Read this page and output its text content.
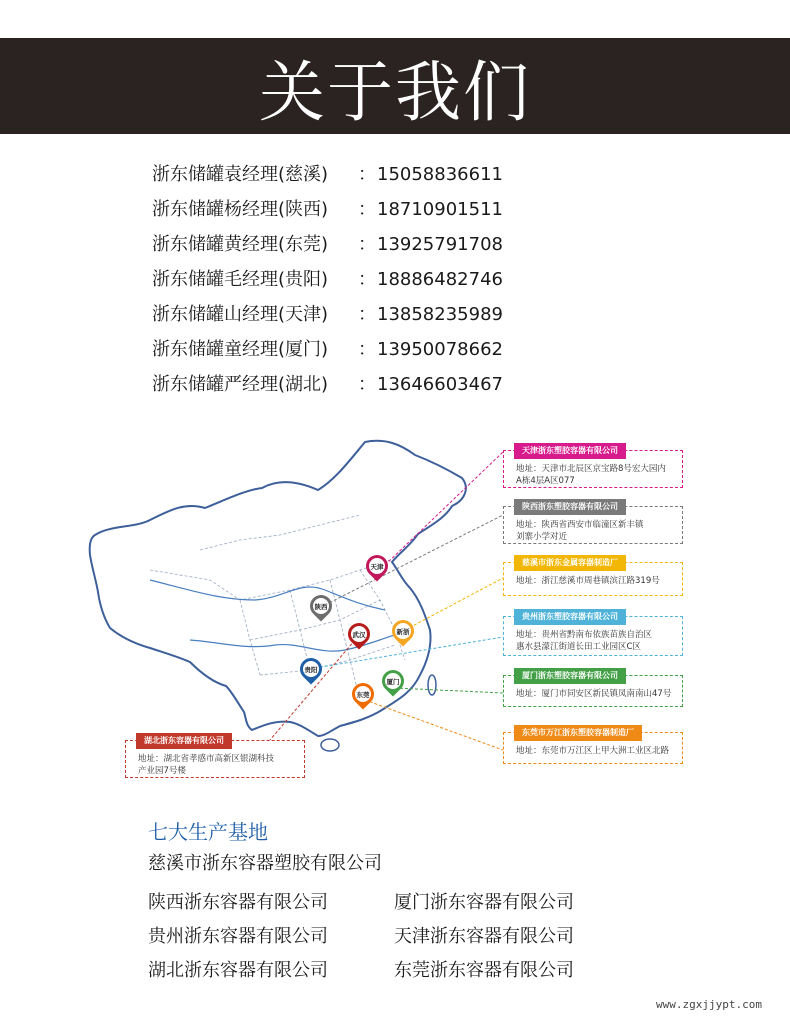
关于我们
浙东储罐袁经理(慈溪)	： 15058836611
浙东储罐杨经理(陕西)	： 18710901511
浙东储罐黄经理(东莞)	： 13925791708
浙东储罐毛经理(贵阳)	： 18886482746
浙东储罐山经理(天津)	： 13858235989
浙东储罐童经理(厦门)	： 13950078662
浙东储罐严经理(湖北)	： 13646603467
天津
陕西
武汉	新浙
贵阳
厦门
东莞
天津浙东塑胶容器有限公司
地址：天津市北辰区京宝路8号宏大园内
A栋4层A区077
陕西浙东塑胶容器有限公司
地址：陕西省西安市临潼区新丰镇
刘寨小学对近
慈溪市浙东金属容器制造厂
地址：浙江慈溪市周巷镇滨江路319号
贵州浙东塑胶容器有限公司
地址：贵州省黔南布依族苗族自治区
惠水县濛江街道长田工业园区C区
厦门浙东塑胶容器有限公司
地址：厦门市同安区新民镇凤南南山47号
东莞市万江浙东塑胶容器制造厂
地址：东莞市万江区上甲大洲工业区北路
湖北浙东容器有限公司
地址：湖北省孝感市高新区银湖科技
产业园7号楼
七大生产基地
慈溪市浙东容器塑胶有限公司
陕西浙东容器有限公司	厦门浙东容器有限公司
贵州浙东容器有限公司	天津浙东容器有限公司
湖北浙东容器有限公司	东莞浙东容器有限公司
www.zgxjjypt.com
